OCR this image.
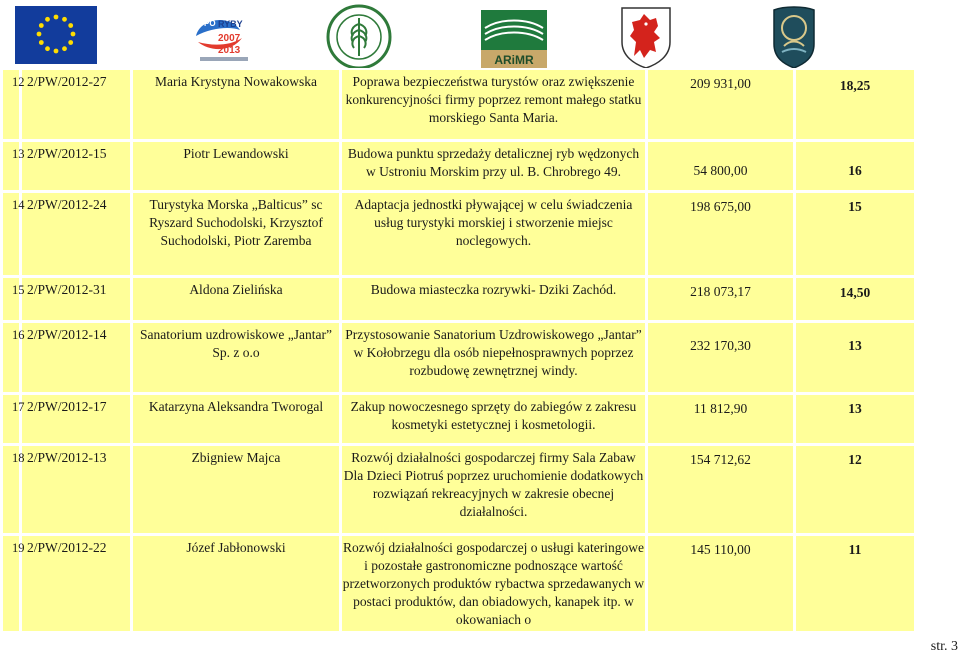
PO RYBY
2007
2013
ARiMR
12	2/PW/2012-27	Maria Krystyna Nowakowska	Poprawa bezpieczeństwa turystów oraz zwiększenie konkurencyjności firmy poprzez remont małego statku morskiego Santa Maria.	209 931,00	18,25

13	2/PW/2012-15	Piotr Lewandowski	Budowa punktu sprzedaży detalicznej ryb wędzonych w Ustroniu Morskim przy ul. B. Chrobrego 49.	54 800,00	16

14	2/PW/2012-24	Turystyka Morska „Balticus” sc Ryszard Suchodolski, Krzysztof Suchodolski, Piotr Zaremba	Adaptacja jednostki pływającej w celu świadczenia usług turystyki morskiej i stworzenie miejsc noclegowych.	198 675,00	15

15	2/PW/2012-31	Aldona Zielińska	Budowa miasteczka rozrywki- Dziki Zachód.	218 073,17	14,50

16	2/PW/2012-14	Sanatorium uzdrowiskowe „Jantar” Sp. z o.o	Przystosowanie Sanatorium Uzdrowiskowego „Jantar” w Kołobrzegu dla osób niepełnosprawnych poprzez rozbudowę zewnętrznej windy.	232 170,30	13

17	2/PW/2012-17	Katarzyna Aleksandra Tworogal	Zakup nowoczesnego sprzęty do zabiegów z zakresu kosmetyki estetycznej i kosmetologii.	11 812,90	13

18	2/PW/2012-13	Zbigniew Majca	Rozwój działalności gospodarczej firmy Sala Zabaw Dla Dzieci Piotruś poprzez uruchomienie dodatkowych rozwiązań rekreacyjnych w zakresie obecnej działalności.	154 712,62	12

19	2/PW/2012-22	Józef Jabłonowski	Rozwój działalności gospodarczej o usługi kateringowe i pozostałe gastronomiczne podnoszące wartość przetworzonych produktów rybactwa sprzedawanych w postaci produktów, dan obiadowych, kanapek itp. w okowaniach o	145 110,00	11
str. 3
